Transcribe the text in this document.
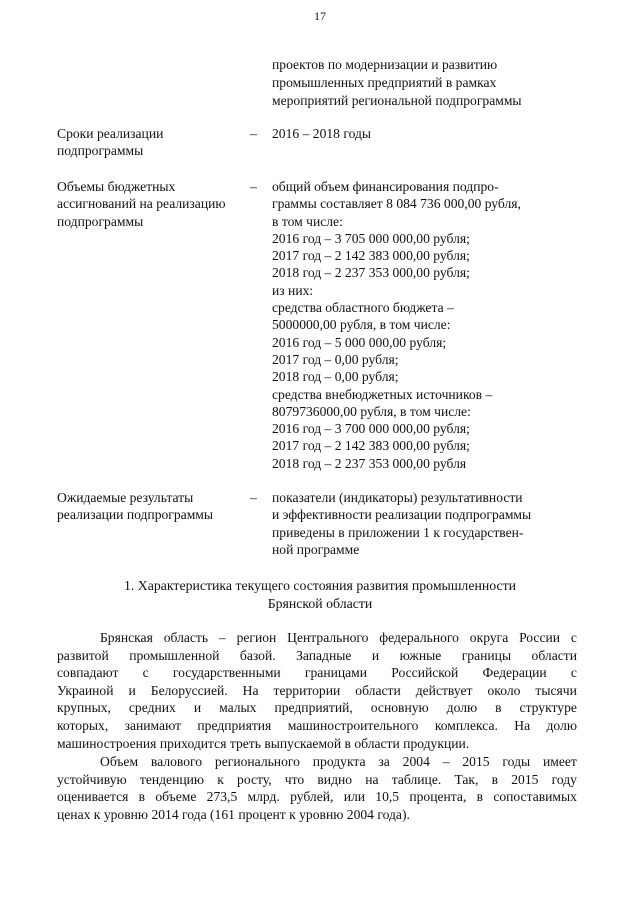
17
проектов по модернизации и развитию
промышленных предприятий в рамках
мероприятий региональной подпрограммы
Сроки реализации
подпрограммы
– 2016 – 2018 годы
Объемы бюджетных
ассигнований на реализацию
подпрограммы
– общий объем финансирования подпро-
граммы составляет 8 084 736 000,00 рубля,
в том числе:
2016 год – 3 705 000 000,00 рубля;
2017 год – 2 142 383 000,00 рубля;
2018 год – 2 237 353 000,00 рубля;
из них:
средства областного бюджета –
5000000,00 рубля, в том числе:
2016 год – 5 000 000,00 рубля;
2017 год – 0,00 рубля;
2018 год – 0,00 рубля;
средства внебюджетных источников –
8079736000,00 рубля, в том числе:
2016 год – 3 700 000 000,00 рубля;
2017 год – 2 142 383 000,00 рубля;
2018 год – 2 237 353 000,00 рубля
Ожидаемые результаты
реализации подпрограммы
– показатели (индикаторы) результативности
и эффективности реализации подпрограммы
приведены в приложении 1 к государствен-
ной программе
1. Характеристика текущего состояния развития промышленности
Брянской области
Брянская область – регион Центрального федерального округа России с
развитой промышленной базой. Западные и южные границы области
совпадают с государственными границами Российской Федерации с
Украиной и Белоруссией. На территории области действует около тысячи
крупных, средних и малых предприятий, основную долю в структуре
которых, занимают предприятия машиностроительного комплекса. На долю
машиностроения приходится треть выпускаемой в области продукции.
Объем валового регионального продукта за 2004 – 2015 годы имеет
устойчивую тенденцию к росту, что видно на таблице. Так, в 2015 году
оценивается в объеме 273,5 млрд. рублей, или 10,5 процента, в сопоставимых
ценах к уровню 2014 года (161 процент к уровню 2004 года).
